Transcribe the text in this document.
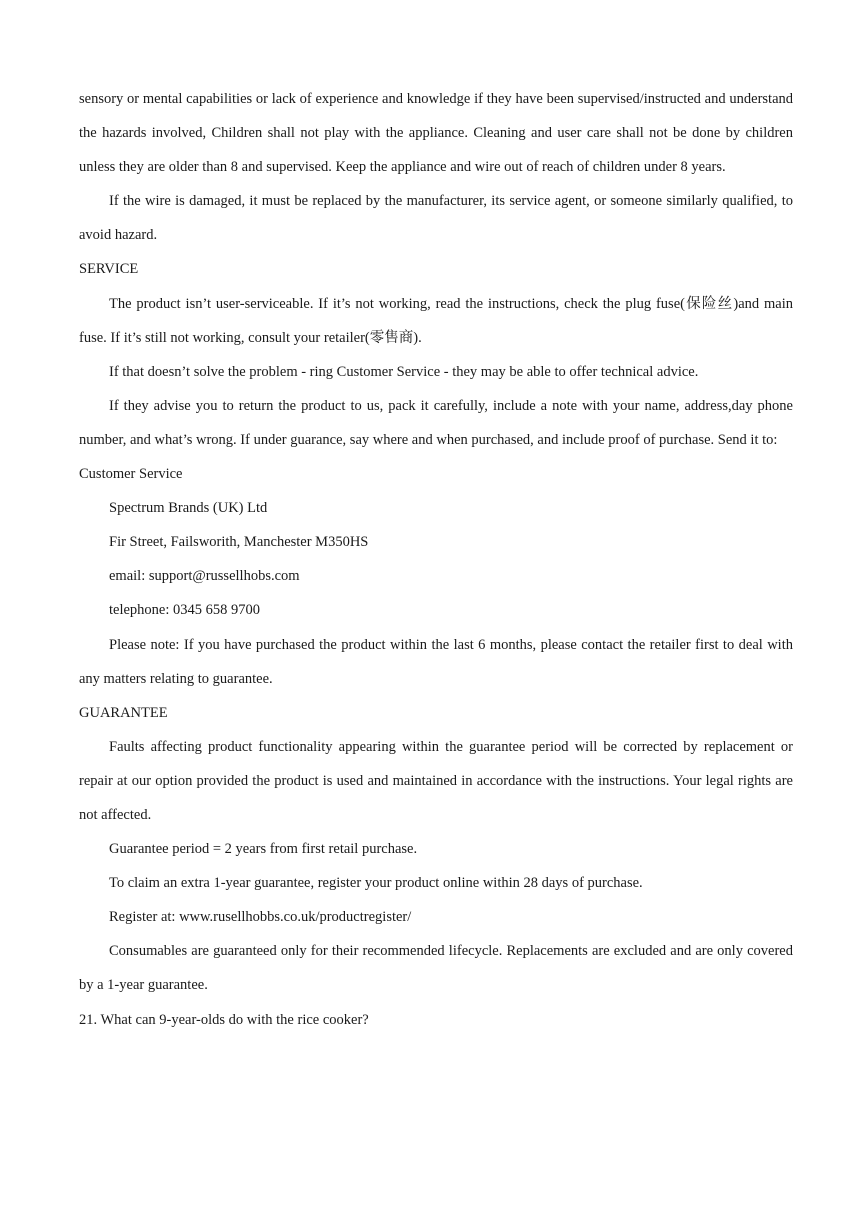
sensory or mental capabilities or lack of experience and knowledge if they have been supervised/instructed and understand the hazards involved, Children shall not play with the appliance. Cleaning and user care shall not be done by children unless they are older than 8 and supervised. Keep the appliance and wire out of reach of children under 8 years.

If the wire is damaged, it must be replaced by the manufacturer, its service agent, or someone similarly qualified, to avoid hazard.

SERVICE

The product isn’t user-serviceable. If it’s not working, read the instructions, check the plug fuse(保险丝)and main fuse. If it’s still not working, consult your retailer(零售商).

If that doesn’t solve the problem - ring Customer Service - they may be able to offer technical advice.

If they advise you to return the product to us, pack it carefully, include a note with your name, address,day phone number, and what’s wrong. If under guarance, say where and when purchased, and include proof of purchase. Send it to:

Customer Service

Spectrum Brands (UK) Ltd

Fir Street, Failsworith, Manchester M350HS

email: support@russellhobs.com

telephone: 0345 658 9700

Please note: If you have purchased the product within the last 6 months, please contact the retailer first to deal with any matters relating to guarantee.

GUARANTEE

Faults affecting product functionality appearing within the guarantee period will be corrected by replacement or repair at our option provided the product is used and maintained in accordance with the instructions. Your legal rights are not affected.

Guarantee period = 2 years from first retail purchase.

To claim an extra 1-year guarantee, register your product online within 28 days of purchase.

Register at: www.rusellhobbs.co.uk/productregister/

Consumables are guaranteed only for their recommended lifecycle. Replacements are excluded and are only covered by a 1-year guarantee.

21. What can 9-year-olds do with the rice cooker?
